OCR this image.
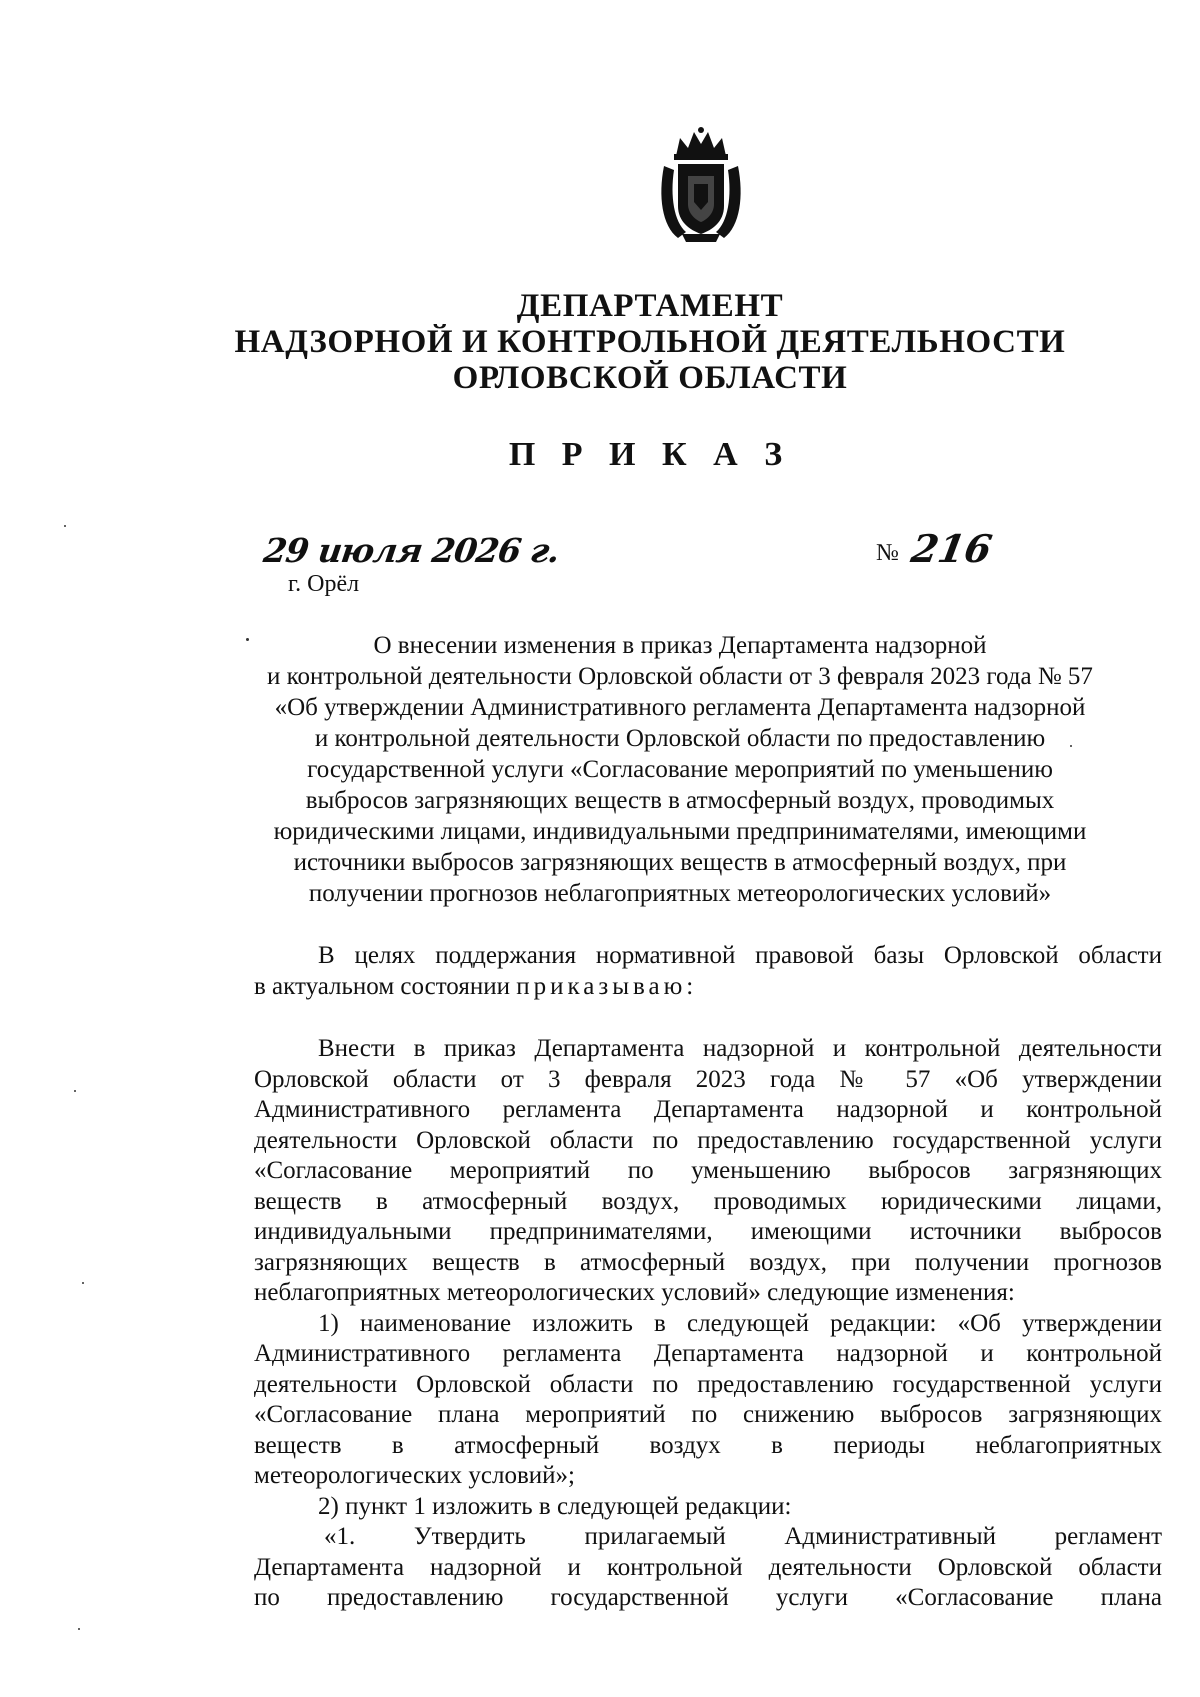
ДЕПАРТАМЕНТ
НАДЗОРНОЙ И КОНТРОЛЬНОЙ ДЕЯТЕЛЬНОСТИ
ОРЛОВСКОЙ ОБЛАСТИ
П Р И К А З
29 июля 2026 г.
г. Орёл
№ 216
О внесении изменения в приказ Департамента надзорной
и контрольной деятельности Орловской области от 3 февраля 2023 года № 57
«Об утверждении Административного регламента Департамента надзорной
и контрольной деятельности Орловской области по предоставлению
государственной услуги «Согласование мероприятий по уменьшению
выбросов загрязняющих веществ в атмосферный воздух, проводимых
юридическими лицами, индивидуальными предпринимателями, имеющими
источники выбросов загрязняющих веществ в атмосферный воздух, при
получении прогнозов неблагоприятных метеорологических условий»
В целях поддержания нормативной правовой базы Орловской области
в актуальном состоянии приказываю:
Внести в приказ Департамента надзорной и контрольной деятельности
Орловской области от 3 февраля 2023 года № 57 «Об утверждении
Административного регламента Департамента надзорной и контрольной
деятельности Орловской области по предоставлению государственной услуги
«Согласование мероприятий по уменьшению выбросов загрязняющих
веществ в атмосферный воздух, проводимых юридическими лицами,
индивидуальными предпринимателями, имеющими источники выбросов
загрязняющих веществ в атмосферный воздух, при получении прогнозов
неблагоприятных метеорологических условий» следующие изменения:
1) наименование изложить в следующей редакции: «Об утверждении
Административного регламента Департамента надзорной и контрольной
деятельности Орловской области по предоставлению государственной услуги
«Согласование плана мероприятий по снижению выбросов загрязняющих
веществ в атмосферный воздух в периоды неблагоприятных
метеорологических условий»;
2) пункт 1 изложить в следующей редакции:
«1. Утвердить прилагаемый Административный регламент
Департамента надзорной и контрольной деятельности Орловской области
по предоставлению государственной услуги «Согласование плана
